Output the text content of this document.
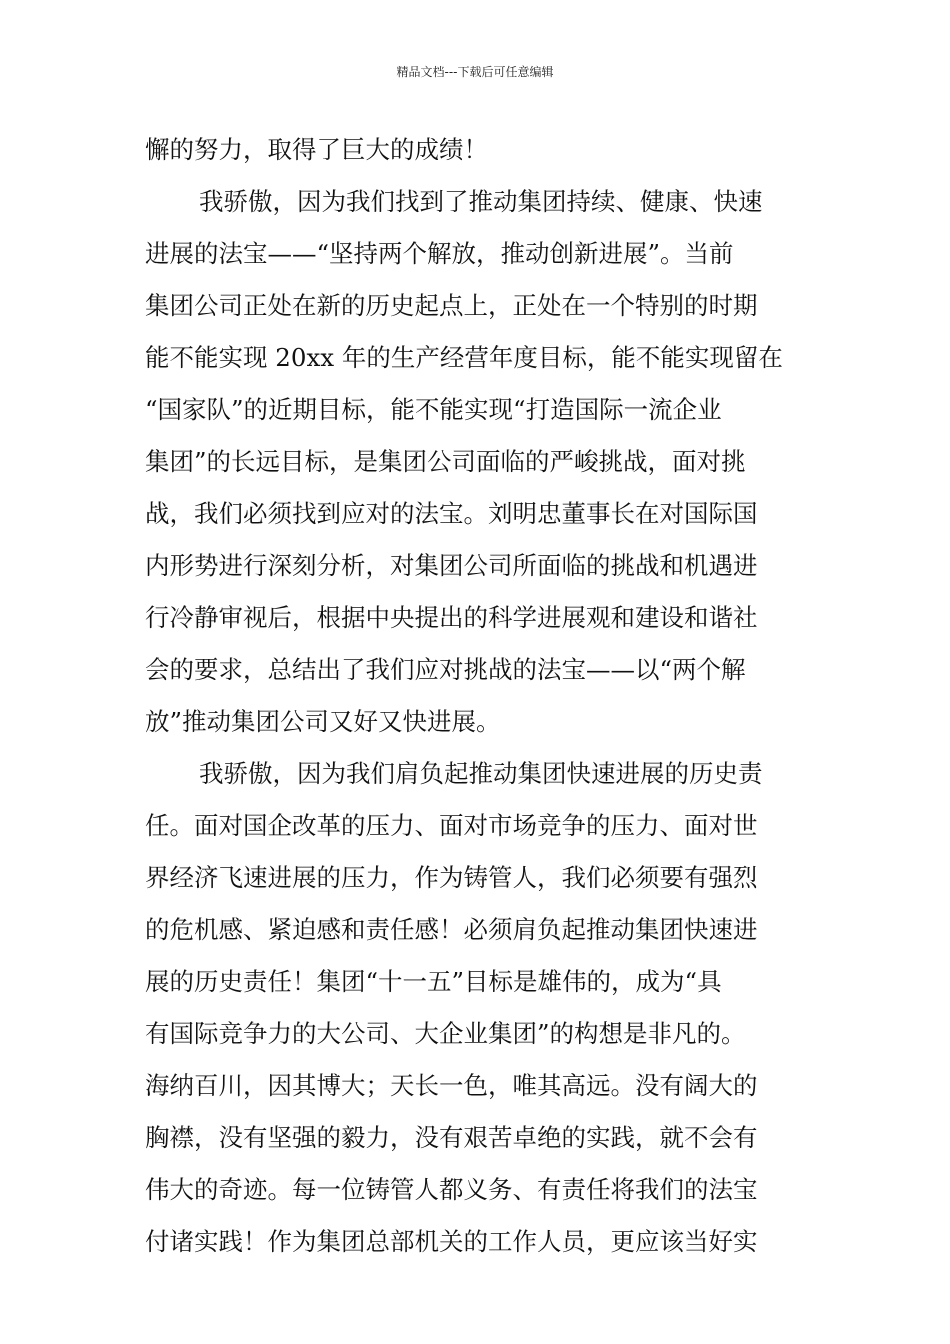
精品文档---下载后可任意编辑
懈的努力，取得了巨大的成绩！
我骄傲，因为我们找到了推动集团持续、健康、快速
进展的法宝——“坚持两个解放，推动创新进展”。当前
集团公司正处在新的历史起点上，正处在一个特别的时期
能不能实现 20xx 年的生产经营年度目标，能不能实现留在
“国家队”的近期目标，能不能实现“打造国际一流企业
集团”的长远目标，是集团公司面临的严峻挑战，面对挑
战，我们必须找到应对的法宝。刘明忠董事长在对国际国
内形势进行深刻分析，对集团公司所面临的挑战和机遇进
行冷静审视后，根据中央提出的科学进展观和建设和谐社
会的要求，总结出了我们应对挑战的法宝——以“两个解
放”推动集团公司又好又快进展。
我骄傲，因为我们肩负起推动集团快速进展的历史责
任。面对国企改革的压力、面对市场竞争的压力、面对世
界经济飞速进展的压力，作为铸管人，我们必须要有强烈
的危机感、紧迫感和责任感！必须肩负起推动集团快速进
展的历史责任！集团“十一五”目标是雄伟的，成为“具
有国际竞争力的大公司、大企业集团”的构想是非凡的。
海纳百川，因其博大；天长一色，唯其高远。没有阔大的
胸襟，没有坚强的毅力，没有艰苦卓绝的实践，就不会有
伟大的奇迹。每一位铸管人都义务、有责任将我们的法宝
付诸实践！作为集团总部机关的工作人员，更应该当好实
